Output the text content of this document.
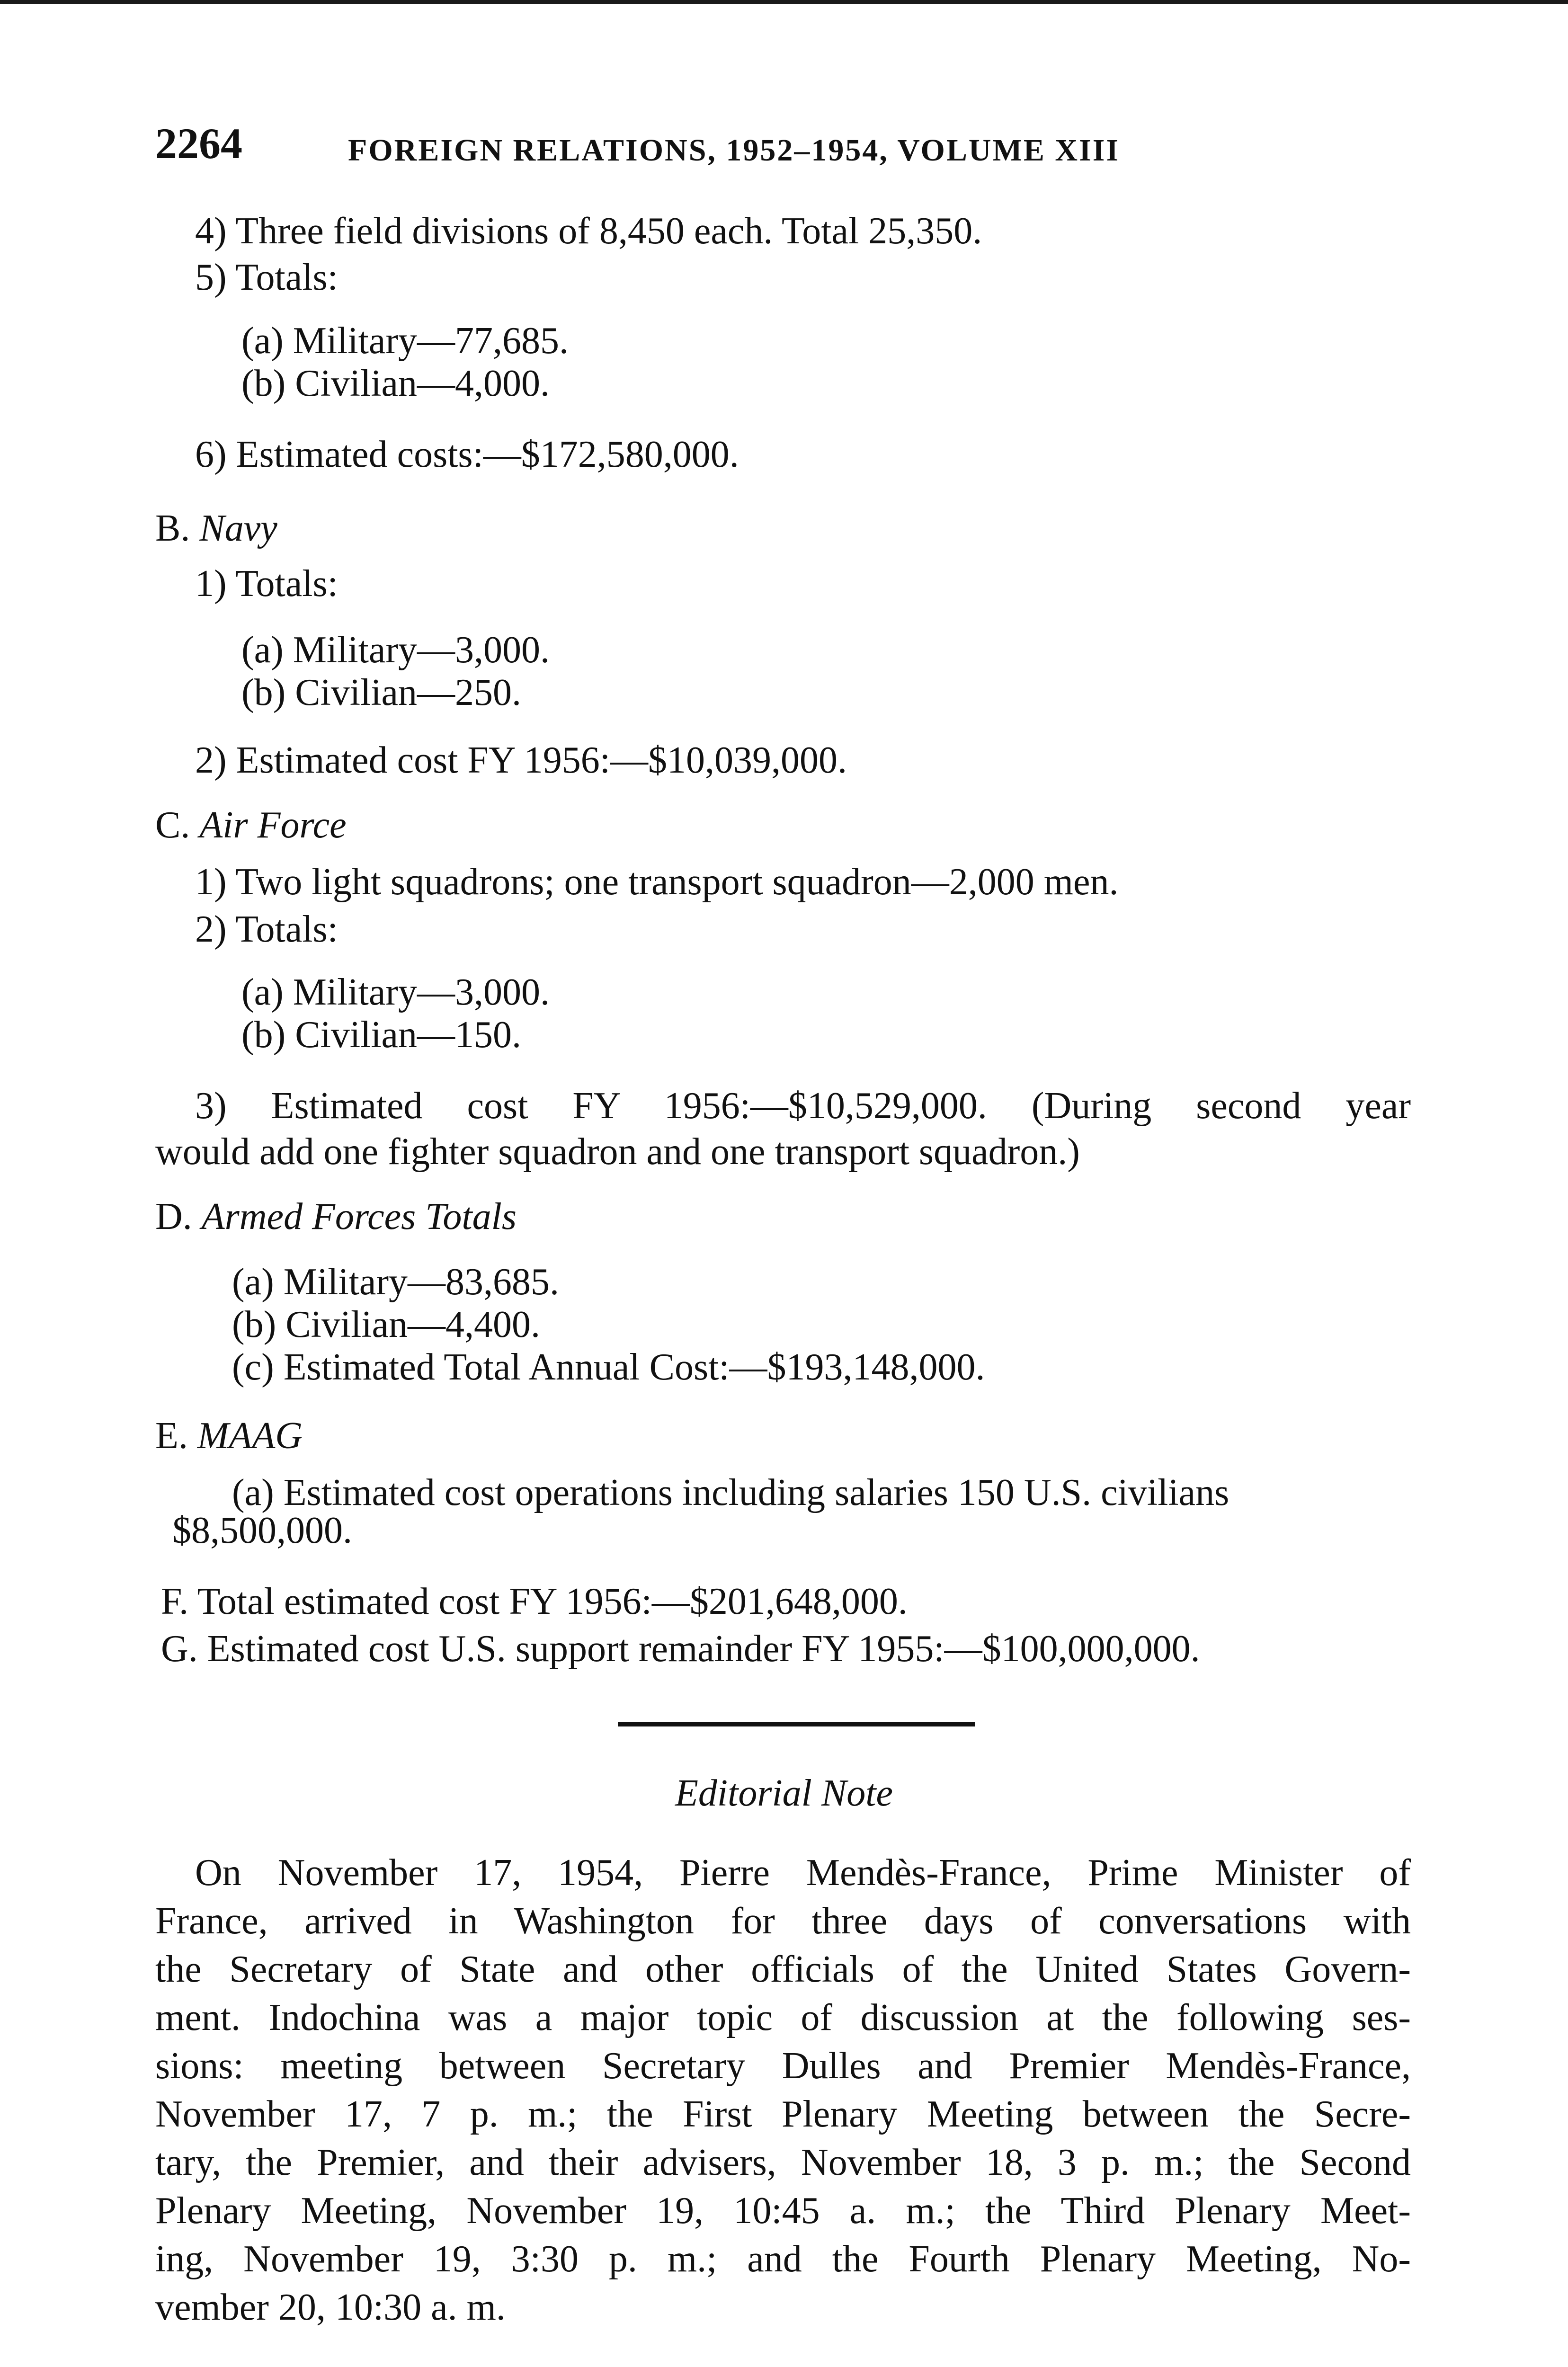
2264	FOREIGN RELATIONS, 1952–1954, VOLUME XIII
4) Three field divisions of 8,450 each. Total 25,350.
5) Totals:
(a) Military—77,685.
(b) Civilian—4,000.
6) Estimated costs:—$172,580,000.
B. Navy
1) Totals:
(a) Military—3,000.
(b) Civilian—250.
2) Estimated cost FY 1956:—$10,039,000.
C. Air Force
1) Two light squadrons; one transport squadron—2,000 men.
2) Totals:
(a) Military—3,000.
(b) Civilian—150.
3) Estimated cost FY 1956:—$10,529,000. (During second year
would add one fighter squadron and one transport squadron.)
D. Armed Forces Totals
(a) Military—83,685.
(b) Civilian—4,400.
(c) Estimated Total Annual Cost:—$193,148,000.
E. MAAG
(a) Estimated cost operations including salaries 150 U.S. civilians
$8,500,000.
F. Total estimated cost FY 1956:—$201,648,000.
G. Estimated cost U.S. support remainder FY 1955:—$100,000,000.
Editorial Note
On November 17, 1954, Pierre Mendès-France, Prime Minister of
France, arrived in Washington for three days of conversations with
the Secretary of State and other officials of the United States Govern-
ment. Indochina was a major topic of discussion at the following ses-
sions: meeting between Secretary Dulles and Premier Mendès-France,
November 17, 7 p. m.; the First Plenary Meeting between the Secre-
tary, the Premier, and their advisers, November 18, 3 p. m.; the Second
Plenary Meeting, November 19, 10:45 a. m.; the Third Plenary Meet-
ing, November 19, 3:30 p. m.; and the Fourth Plenary Meeting, No-
vember 20, 10:30 a. m.
